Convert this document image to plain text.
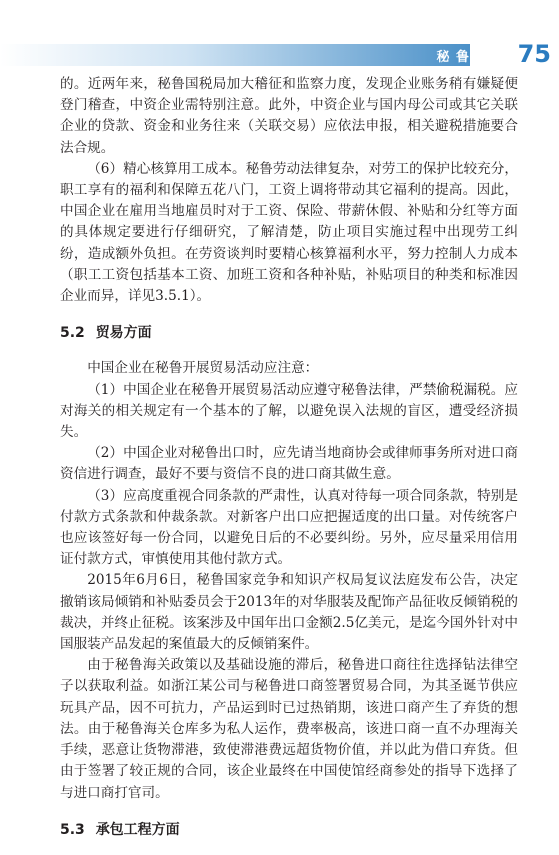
秘 鲁 75

的。近两年来，秘鲁国税局加大稽征和监察力度，发现企业账务稍有嫌疑便登门稽查，中资企业需特别注意。此外，中资企业与国内母公司或其它关联企业的贷款、资金和业务往来（关联交易）应依法申报，相关避税措施要合法合规。

（6）精心核算用工成本。秘鲁劳动法律复杂，对劳工的保护比较充分，职工享有的福利和保障五花八门，工资上调将带动其它福利的提高。因此，中国企业在雇用当地雇员时对于工资、保险、带薪休假、补贴和分红等方面的具体规定要进行仔细研究，了解清楚，防止项目实施过程中出现劳工纠纷，造成额外负担。在劳资谈判时要精心核算福利水平，努力控制人力成本（职工工资包括基本工资、加班工资和各种补贴，补贴项目的种类和标准因企业而异，详见3.5.1）。

5.2 贸易方面

中国企业在秘鲁开展贸易活动应注意：

（1）中国企业在秘鲁开展贸易活动应遵守秘鲁法律，严禁偷税漏税。应对海关的相关规定有一个基本的了解，以避免误入法规的盲区，遭受经济损失。

（2）中国企业对秘鲁出口时，应先请当地商协会或律师事务所对进口商资信进行调查，最好不要与资信不良的进口商其做生意。

（3）应高度重视合同条款的严肃性，认真对待每一项合同条款，特别是付款方式条款和仲裁条款。对新客户出口应把握适度的出口量。对传统客户也应该签好每一份合同，以避免日后的不必要纠纷。另外，应尽量采用信用证付款方式，审慎使用其他付款方式。

2015年6月6日，秘鲁国家竞争和知识产权局复议法庭发布公告，决定撤销该局倾销和补贴委员会于2013年的对华服装及配饰产品征收反倾销税的裁决，并终止征税。该案涉及中国年出口金额2.5亿美元，是迄今国外针对中国服装产品发起的案值最大的反倾销案件。

由于秘鲁海关政策以及基础设施的滞后，秘鲁进口商往往选择钻法律空子以获取利益。如浙江某公司与秘鲁进口商签署贸易合同，为其圣诞节供应玩具产品，因不可抗力，产品运到时已过热销期，该进口商产生了弃货的想法。由于秘鲁海关仓库多为私人运作，费率极高，该进口商一直不办理海关手续，恶意让货物滞港，致使滞港费远超货物价值，并以此为借口弃货。但由于签署了较正规的合同，该企业最终在中国使馆经商参处的指导下选择了与进口商打官司。

5.3 承包工程方面
